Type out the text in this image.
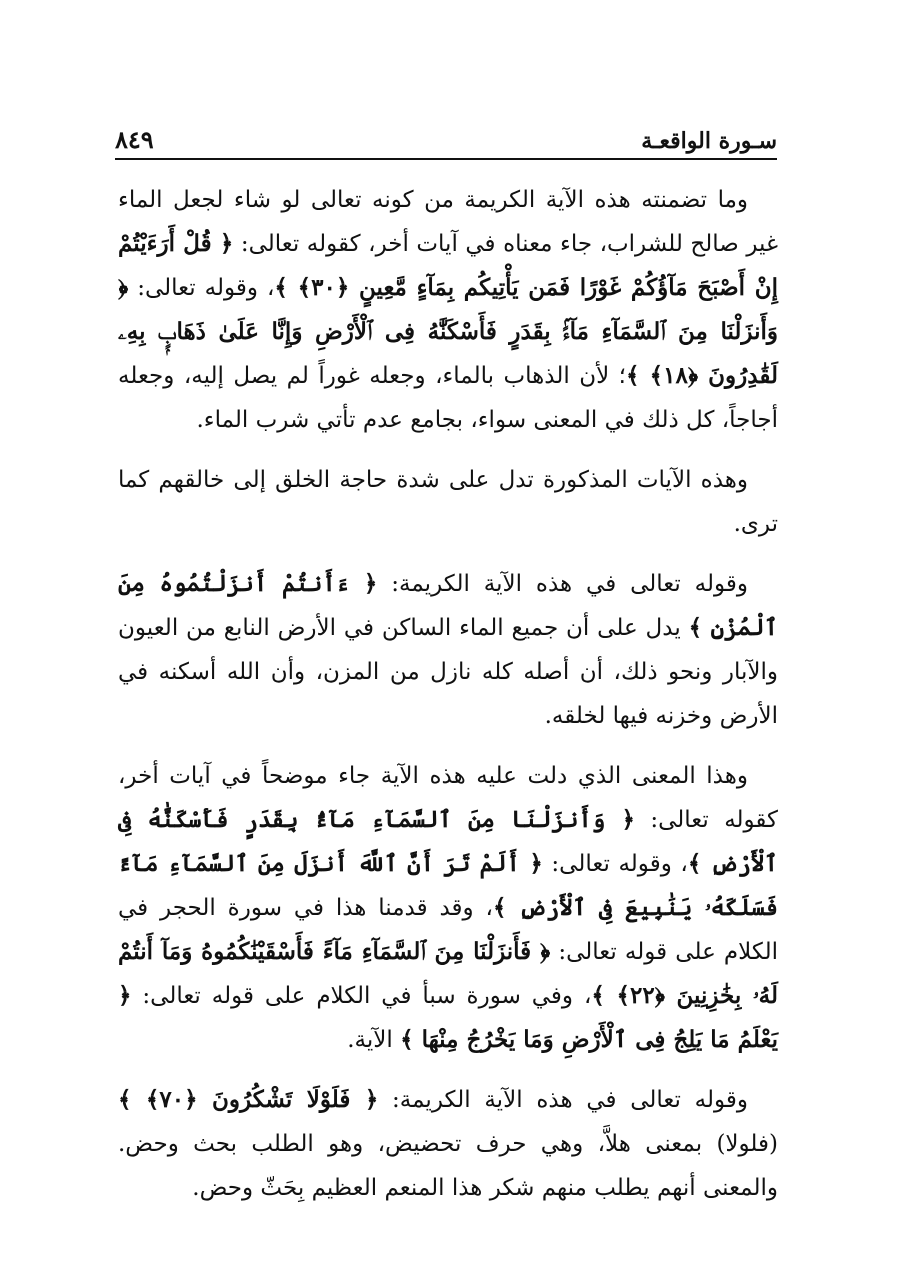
سـورة الواقعـة
٨٤٩

وما تضمنته هذه الآية الكريمة من كونه تعالى لو شاء لجعل الماء غير صالح للشراب، جاء معناه في آيات أخر، كقوله تعالى: ﴿ قُلْ أَرَءَيْتُمْ إِنْ أَصْبَحَ مَآؤُكُمْ غَوْرًا فَمَن يَأْتِيكُم بِمَآءٍ مَّعِينٍ ﴿٣٠﴾ ﴾، وقوله تعالى: ﴿ وَأَنزَلْنَا مِنَ ٱلسَّمَآءِ مَآءًۢ بِقَدَرٍ فَأَسْكَنَّٰهُ فِى ٱلْأَرْضِ وَإِنَّا عَلَىٰ ذَهَابٍۭ بِهِۦ لَقَٰدِرُونَ ﴿١٨﴾ ﴾؛ لأن الذهاب بالماء، وجعله غوراً لم يصل إليه، وجعله أجاجاً، كل ذلك في المعنى سواء، بجامع عدم تأتي شرب الماء.

وهذه الآيات المذكورة تدل على شدة حاجة الخلق إلى خالقهم كما ترى.

وقوله تعالى في هذه الآية الكريمة: ﴿ ءَأَنتُمْ أَنزَلْتُمُوهُ مِنَ ٱلْمُزْنِ ﴾ يدل على أن جميع الماء الساكن في الأرض النابع من العيون والآبار ونحو ذلك، أن أصله كله نازل من المزن، وأن الله أسكنه في الأرض وخزنه فيها لخلقه.

وهذا المعنى الذي دلت عليه هذه الآية جاء موضحاً في آيات أخر، كقوله تعالى: ﴿ وَأَنزَلْنَا مِنَ ٱلسَّمَآءِ مَآءًۢ بِقَدَرٍ فَأَسْكَنَّٰهُ فِى ٱلْأَرْضِ ﴾، وقوله تعالى: ﴿ أَلَمْ تَرَ أَنَّ ٱللَّهَ أَنزَلَ مِنَ ٱلسَّمَآءِ مَآءً فَسَلَكَهُۥ يَنَٰبِيعَ فِى ٱلْأَرْضِ ﴾، وقد قدمنا هذا في سورة الحجر في الكلام على قوله تعالى: ﴿ فَأَنزَلْنَا مِنَ ٱلسَّمَآءِ مَآءً فَأَسْقَيْنَٰكُمُوهُ وَمَآ أَنتُمْ لَهُۥ بِخَٰزِنِينَ ﴿٢٢﴾ ﴾، وفي سورة سبأ في الكلام على قوله تعالى: ﴿ يَعْلَمُ مَا يَلِجُ فِى ٱلْأَرْضِ وَمَا يَخْرُجُ مِنْهَا ﴾ الآية.

وقوله تعالى في هذه الآية الكريمة: ﴿ فَلَوْلَا تَشْكُرُونَ ﴿٧٠﴾ ﴾ (فلولا) بمعنى هلاَّ، وهي حرف تحضيض، وهو الطلب بحث وحض. والمعنى أنهم يطلب منهم شكر هذا المنعم العظيم بِحَثّ وحض.
